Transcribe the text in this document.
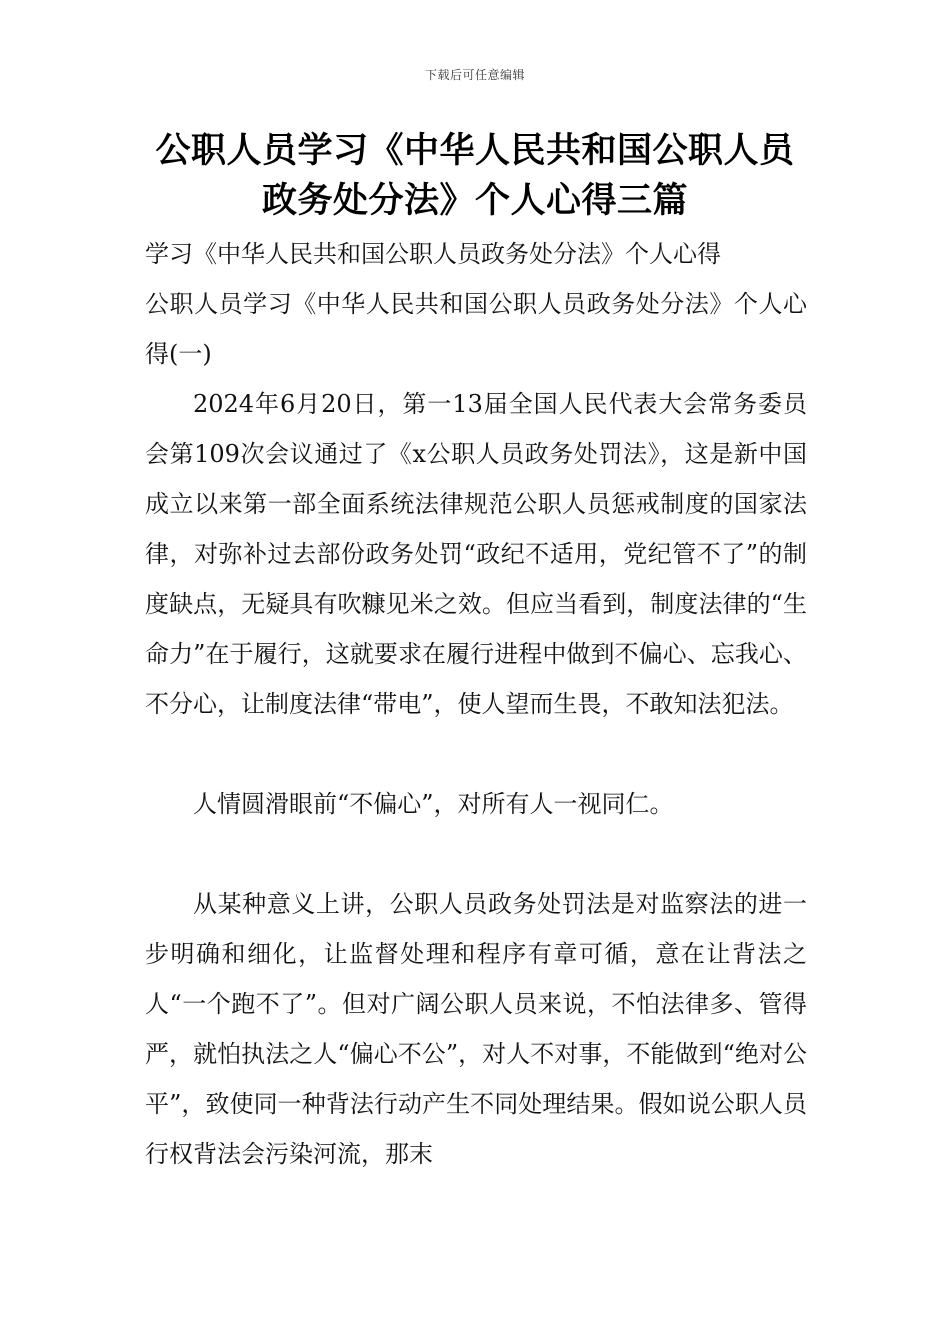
下载后可任意编辑
公职人员学习《中华人民共和国公职人员政务处分法》个人心得三篇

学习《中华人民共和国公职人员政务处分法》个人心得

公职人员学习《中华人民共和国公职人员政务处分法》个人心得(一)

2024年6月20日，第一13届全国人民代表大会常务委员会第109次会议通过了《x公职人员政务处罚法》，这是新中国成立以来第一部全面系统法律规范公职人员惩戒制度的国家法律，对弥补过去部份政务处罚“政纪不适用，党纪管不了”的制度缺点，无疑具有吹糠见米之效。但应当看到，制度法律的“生命力”在于履行，这就要求在履行进程中做到不偏心、忘我心、不分心，让制度法律“带电”，使人望而生畏，不敢知法犯法。

人情圆滑眼前“不偏心”，对所有人一视同仁。

从某种意义上讲，公职人员政务处罚法是对监察法的进一步明确和细化，让监督处理和程序有章可循，意在让背法之人“一个跑不了”。但对广阔公职人员来说，不怕法律多、管得严，就怕执法之人“偏心不公”，对人不对事，不能做到“绝对公平”，致使同一种背法行动产生不同处理结果。假如说公职人员行权背法会污染河流，那末
